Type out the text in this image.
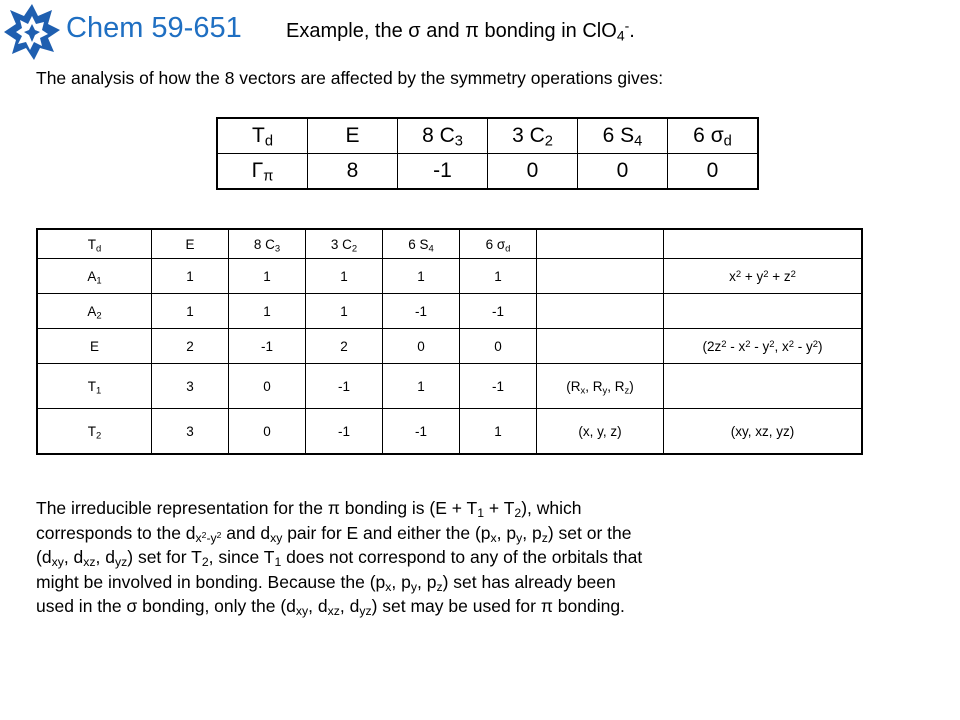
Chem 59-651 Example, the σ and π bonding in ClO$_4$-.
The analysis of how the 8 vectors are affected by the symmetry operations gives:
$T_d$	E	8 $C_3$	3 $C_2$	6 $S_4$	6 $\sigma_d$
$\Gamma_\pi$	8	-1	0	0	0
$T_d$	E	8 $C_3$	3 $C_2$	6 $S_4$	6 $\sigma_d$		
$A_1$	1	1	1	1	1		$x^2 + y^2 + z^2$
$A_2$	1	1	1	-1	-1		
E	2	-1	2	0	0		($2z^2 - x^2 - y^2$, $x^2 - y^2$)
$T_1$	3	0	-1	1	-1	($R_x$, $R_y$, $R_z$)	
$T_2$	3	0	-1	-1	1	(x, y, z)	(xy, xz, yz)
The irreducible representation for the π bonding is $(E + T_1 + T_2)$, which
corresponds to the $d_{x^2-y^2}$ and $d_{xy}$ pair for E and either the ($p_x$, $p_y$, $p_z$) set or the
($d_{xy}$, $d_{xz}$, $d_{yz}$) set for $T_2$, since $T_1$ does not correspond to any of the orbitals that
might be involved in bonding. Because the ($p_x$, $p_y$, $p_z$) set has already been
used in the σ bonding, only the ($d_{xy}$, $d_{xz}$, $d_{yz}$) set may be used for π bonding.
